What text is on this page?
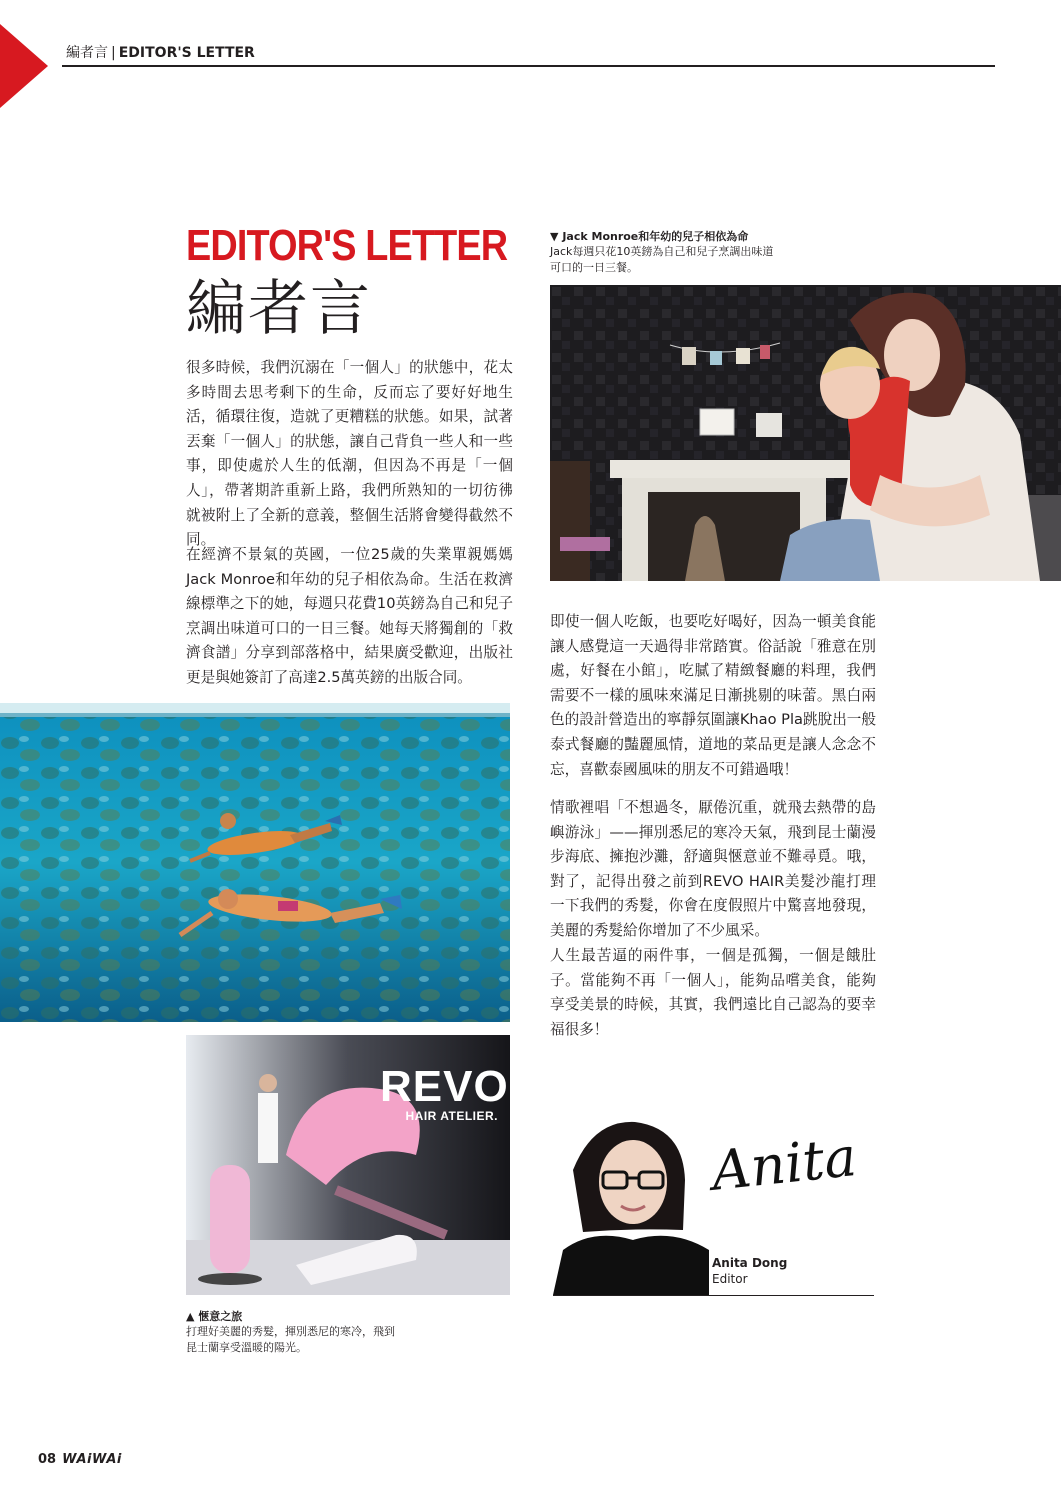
編者言 | EDITOR'S LETTER
EDITOR'S LETTER
編者言

很多時候，我們沉溺在「一個人」的狀態中，花太多時間去思考剩下的生命，反而忘了要好好地生活，循環往復，造就了更糟糕的狀態。如果，試著丟棄「一個人」的狀態，讓自己背負一些人和一些事，即使處於人生的低潮，但因為不再是「一個人」，帶著期許重新上路，我們所熟知的一切彷彿就被附上了全新的意義，整個生活將會變得截然不同。

在經濟不景氣的英國，一位25歲的失業單親媽媽Jack Monroe和年幼的兒子相依為命。生活在救濟線標準之下的她，每週只花費10英鎊為自己和兒子烹調出味道可口的一日三餐。她每天將獨創的「救濟食譜」分享到部落格中，結果廣受歡迎，出版社更是與她簽訂了高達2.5萬英鎊的出版合同。

▼ Jack Monroe和年幼的兒子相依為命
Jack每週只花10英鎊為自己和兒子烹調出味道
可口的一日三餐。

即使一個人吃飯，也要吃好喝好，因為一頓美食能讓人感覺這一天過得非常踏實。俗話說「雅意在別處，好餐在小館」，吃膩了精緻餐廳的料理，我們需要不一樣的風味來滿足日漸挑剔的味蕾。黑白兩色的設計營造出的寧靜氛圍讓Khao Pla跳脫出一般泰式餐廳的豔麗風情，道地的菜品更是讓人念念不忘，喜歡泰國風味的朋友不可錯過哦！

情歌裡唱「不想過冬，厭倦沉重，就飛去熱帶的島嶼游泳」——揮別悉尼的寒冷天氣，飛到昆士蘭漫步海底、擁抱沙灘，舒適與愜意並不難尋覓。哦，對了，記得出發之前到REVO HAIR美髮沙龍打理一下我們的秀髮，你會在度假照片中驚喜地發現，美麗的秀髮給你增加了不少風采。

人生最苦逼的兩件事，一個是孤獨，一個是餓肚子。當能夠不再「一個人」，能夠品嚐美食，能夠享受美景的時候，其實，我們遠比自己認為的要幸福很多！

REVO
HAIR ATELIER.
▲ 愜意之旅
打理好美麗的秀髮，揮別悉尼的寒冷，飛到
昆士蘭享受溫暖的陽光。
Anita
Anita Dong
Editor
08 WAiWAi
